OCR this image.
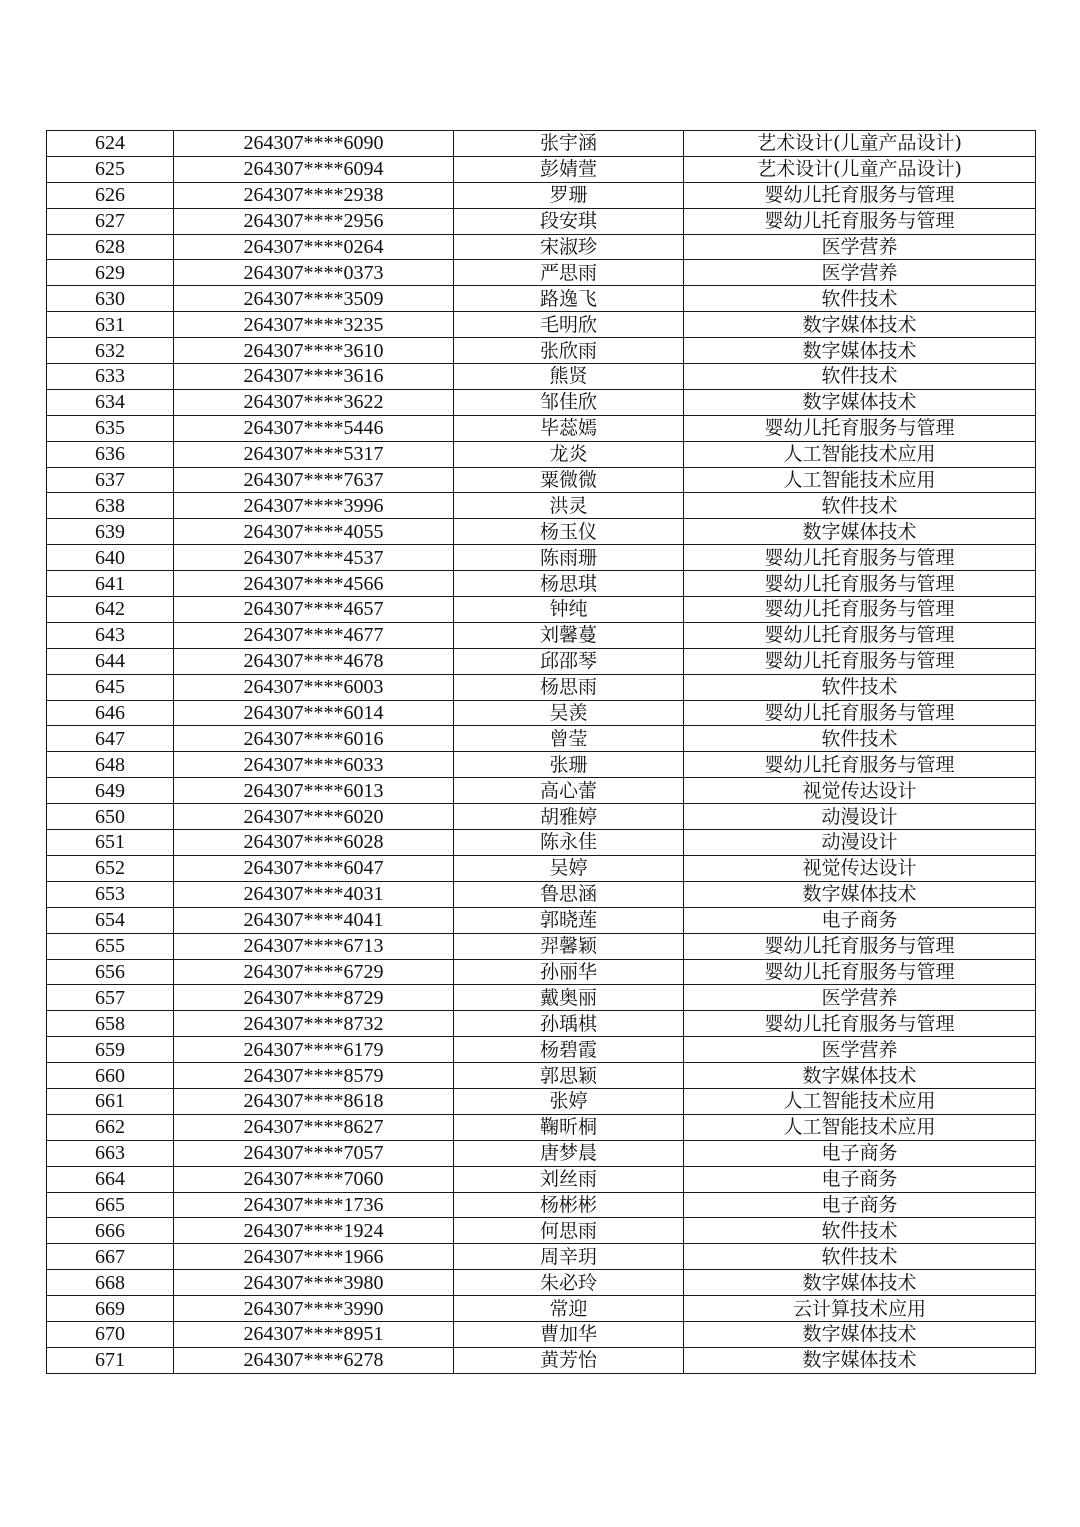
624	264307****6090	张宇涵	艺术设计(儿童产品设计)
625	264307****6094	彭婧萱	艺术设计(儿童产品设计)
626	264307****2938	罗珊	婴幼儿托育服务与管理
627	264307****2956	段安琪	婴幼儿托育服务与管理
628	264307****0264	宋淑珍	医学营养
629	264307****0373	严思雨	医学营养
630	264307****3509	路逸飞	软件技术
631	264307****3235	毛明欣	数字媒体技术
632	264307****3610	张欣雨	数字媒体技术
633	264307****3616	熊贤	软件技术
634	264307****3622	邹佳欣	数字媒体技术
635	264307****5446	毕蕊嫣	婴幼儿托育服务与管理
636	264307****5317	龙炎	人工智能技术应用
637	264307****7637	粟微微	人工智能技术应用
638	264307****3996	洪灵	软件技术
639	264307****4055	杨玉仪	数字媒体技术
640	264307****4537	陈雨珊	婴幼儿托育服务与管理
641	264307****4566	杨思琪	婴幼儿托育服务与管理
642	264307****4657	钟纯	婴幼儿托育服务与管理
643	264307****4677	刘馨蔓	婴幼儿托育服务与管理
644	264307****4678	邱邵琴	婴幼儿托育服务与管理
645	264307****6003	杨思雨	软件技术
646	264307****6014	吴羡	婴幼儿托育服务与管理
647	264307****6016	曾莹	软件技术
648	264307****6033	张珊	婴幼儿托育服务与管理
649	264307****6013	高心蕾	视觉传达设计
650	264307****6020	胡雅婷	动漫设计
651	264307****6028	陈永佳	动漫设计
652	264307****6047	吴婷	视觉传达设计
653	264307****4031	鲁思涵	数字媒体技术
654	264307****4041	郭晓莲	电子商务
655	264307****6713	羿馨颖	婴幼儿托育服务与管理
656	264307****6729	孙丽华	婴幼儿托育服务与管理
657	264307****8729	戴奥丽	医学营养
658	264307****8732	孙瑀棋	婴幼儿托育服务与管理
659	264307****6179	杨碧霞	医学营养
660	264307****8579	郭思颖	数字媒体技术
661	264307****8618	张婷	人工智能技术应用
662	264307****8627	鞠昕桐	人工智能技术应用
663	264307****7057	唐梦晨	电子商务
664	264307****7060	刘丝雨	电子商务
665	264307****1736	杨彬彬	电子商务
666	264307****1924	何思雨	软件技术
667	264307****1966	周辛玥	软件技术
668	264307****3980	朱必玲	数字媒体技术
669	264307****3990	常迎	云计算技术应用
670	264307****8951	曹加华	数字媒体技术
671	264307****6278	黄芳怡	数字媒体技术
